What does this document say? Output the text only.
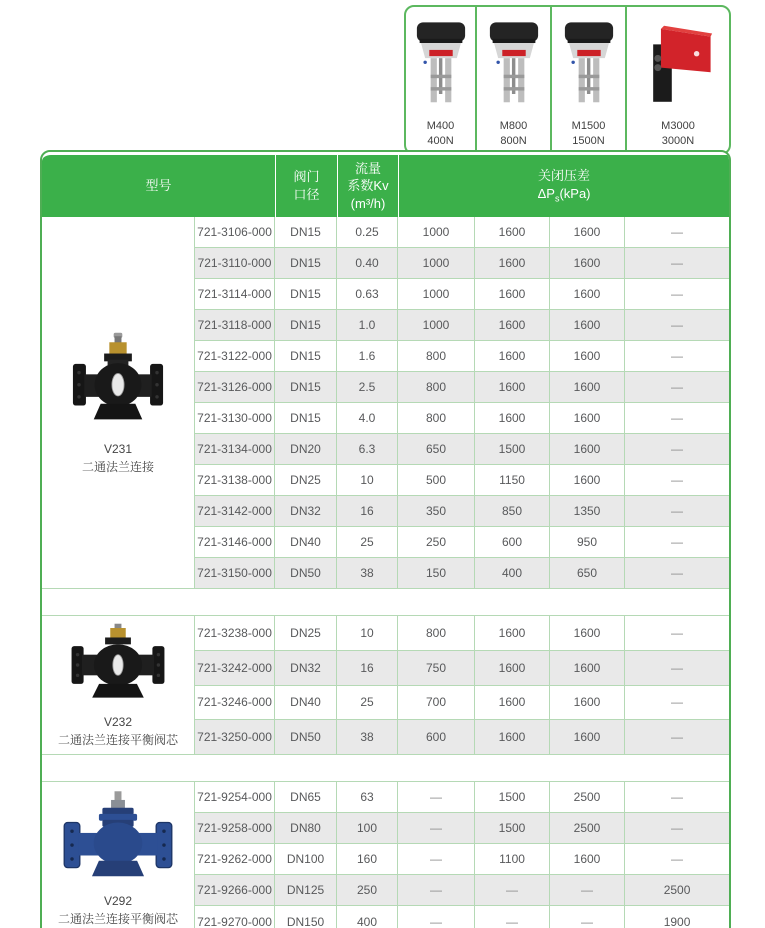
M400
400N
M800
800N
M1500
1500N
M3000
3000N
型号

阀门
口径

流量
系数Kv
(m³/h)

关闭压差
$\Delta P_s(kPa)$

V231
二通法兰连接	721-3106-000	DN15	0.25	1000	1600	1600	—
	721-3110-000	DN15	0.40	1000	1600	1600	—
	721-3114-000	DN15	0.63	1000	1600	1600	—
	721-3118-000	DN15	1.0	1000	1600	1600	—
	721-3122-000	DN15	1.6	800	1600	1600	—
	721-3126-000	DN15	2.5	800	1600	1600	—
	721-3130-000	DN15	4.0	800	1600	1600	—
	721-3134-000	DN20	6.3	650	1500	1600	—
	721-3138-000	DN25	10	500	1150	1600	—
	721-3142-000	DN32	16	350	850	1350	—
	721-3146-000	DN40	25	250	600	950	—
	721-3150-000	DN50	38	150	400	650	—

V232
二通法兰连接平衡阀芯	721-3238-000	DN25	10	800	1600	1600	—
	721-3242-000	DN32	16	750	1600	1600	—
	721-3246-000	DN40	25	700	1600	1600	—
	721-3250-000	DN50	38	600	1600	1600	—

V292
二通法兰连接平衡阀芯	721-9254-000	DN65	63	—	1500	2500	—
	721-9258-000	DN80	100	—	1500	2500	—
	721-9262-000	DN100	160	—	1100	1600	—
	721-9266-000	DN125	250	—	—	—	2500
	721-9270-000	DN150	400	—	—	—	1900
